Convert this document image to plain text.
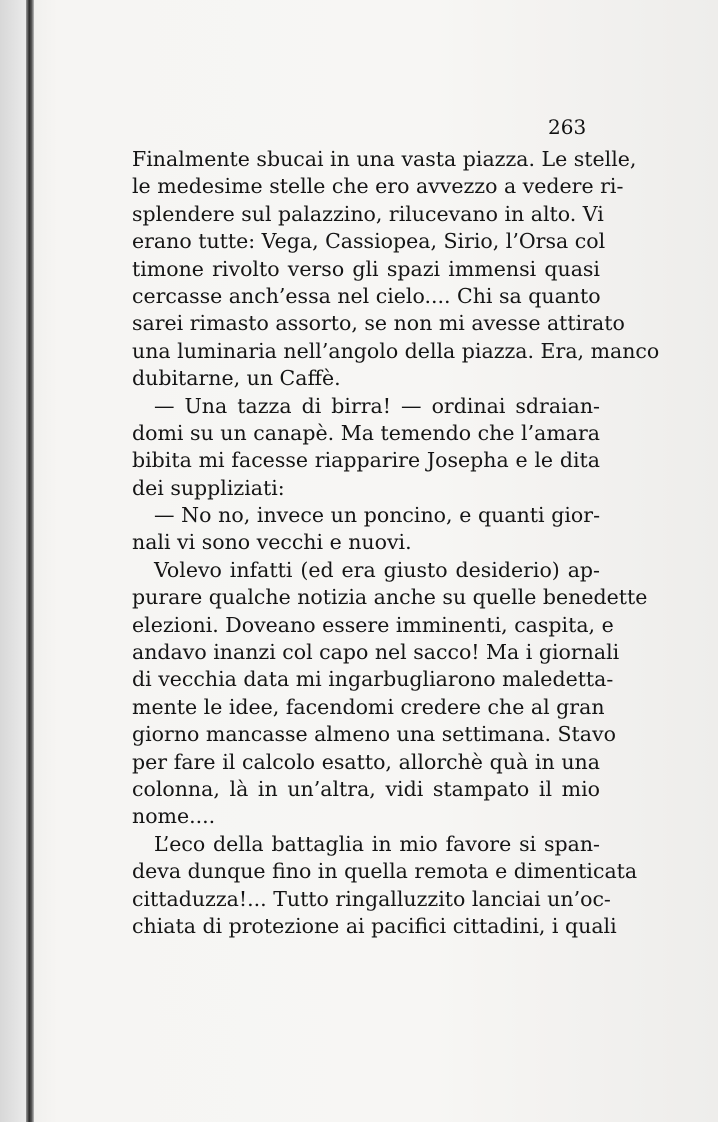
263
Finalmente sbucai in una vasta piazza. Le stelle,
le medesime stelle che ero avvezzo a vedere ri-
splendere sul palazzino, rilucevano in alto. Vi
erano tutte: Vega, Cassiopea, Sirio, l’Orsa col
timone rivolto verso gli spazi immensi quasi
cercasse anch’essa nel cielo.... Chi sa quanto
sarei rimasto assorto, se non mi avesse attirato
una luminaria nell’angolo della piazza. Era, manco
dubitarne, un Caffè.
— Una tazza di birra! — ordinai sdraian-
domi su un canapè. Ma temendo che l’amara
bibita mi facesse riapparire Josepha e le dita
dei suppliziati:
— No no, invece un poncino, e quanti gior-
nali vi sono vecchi e nuovi.
Volevo infatti (ed era giusto desiderio) ap-
purare qualche notizia anche su quelle benedette
elezioni. Doveano essere imminenti, caspita, e
andavo inanzi col capo nel sacco! Ma i giornali
di vecchia data mi ingarbugliarono maledetta-
mente le idee, facendomi credere che al gran
giorno mancasse almeno una settimana. Stavo
per fare il calcolo esatto, allorchè quà in una
colonna, là in un’altra, vidi stampato il mio
nome....
L’eco della battaglia in mio favore si span-
deva dunque fino in quella remota e dimenticata
cittaduzza!... Tutto ringalluzzito lanciai un’oc-
chiata di protezione ai pacifici cittadini, i quali
